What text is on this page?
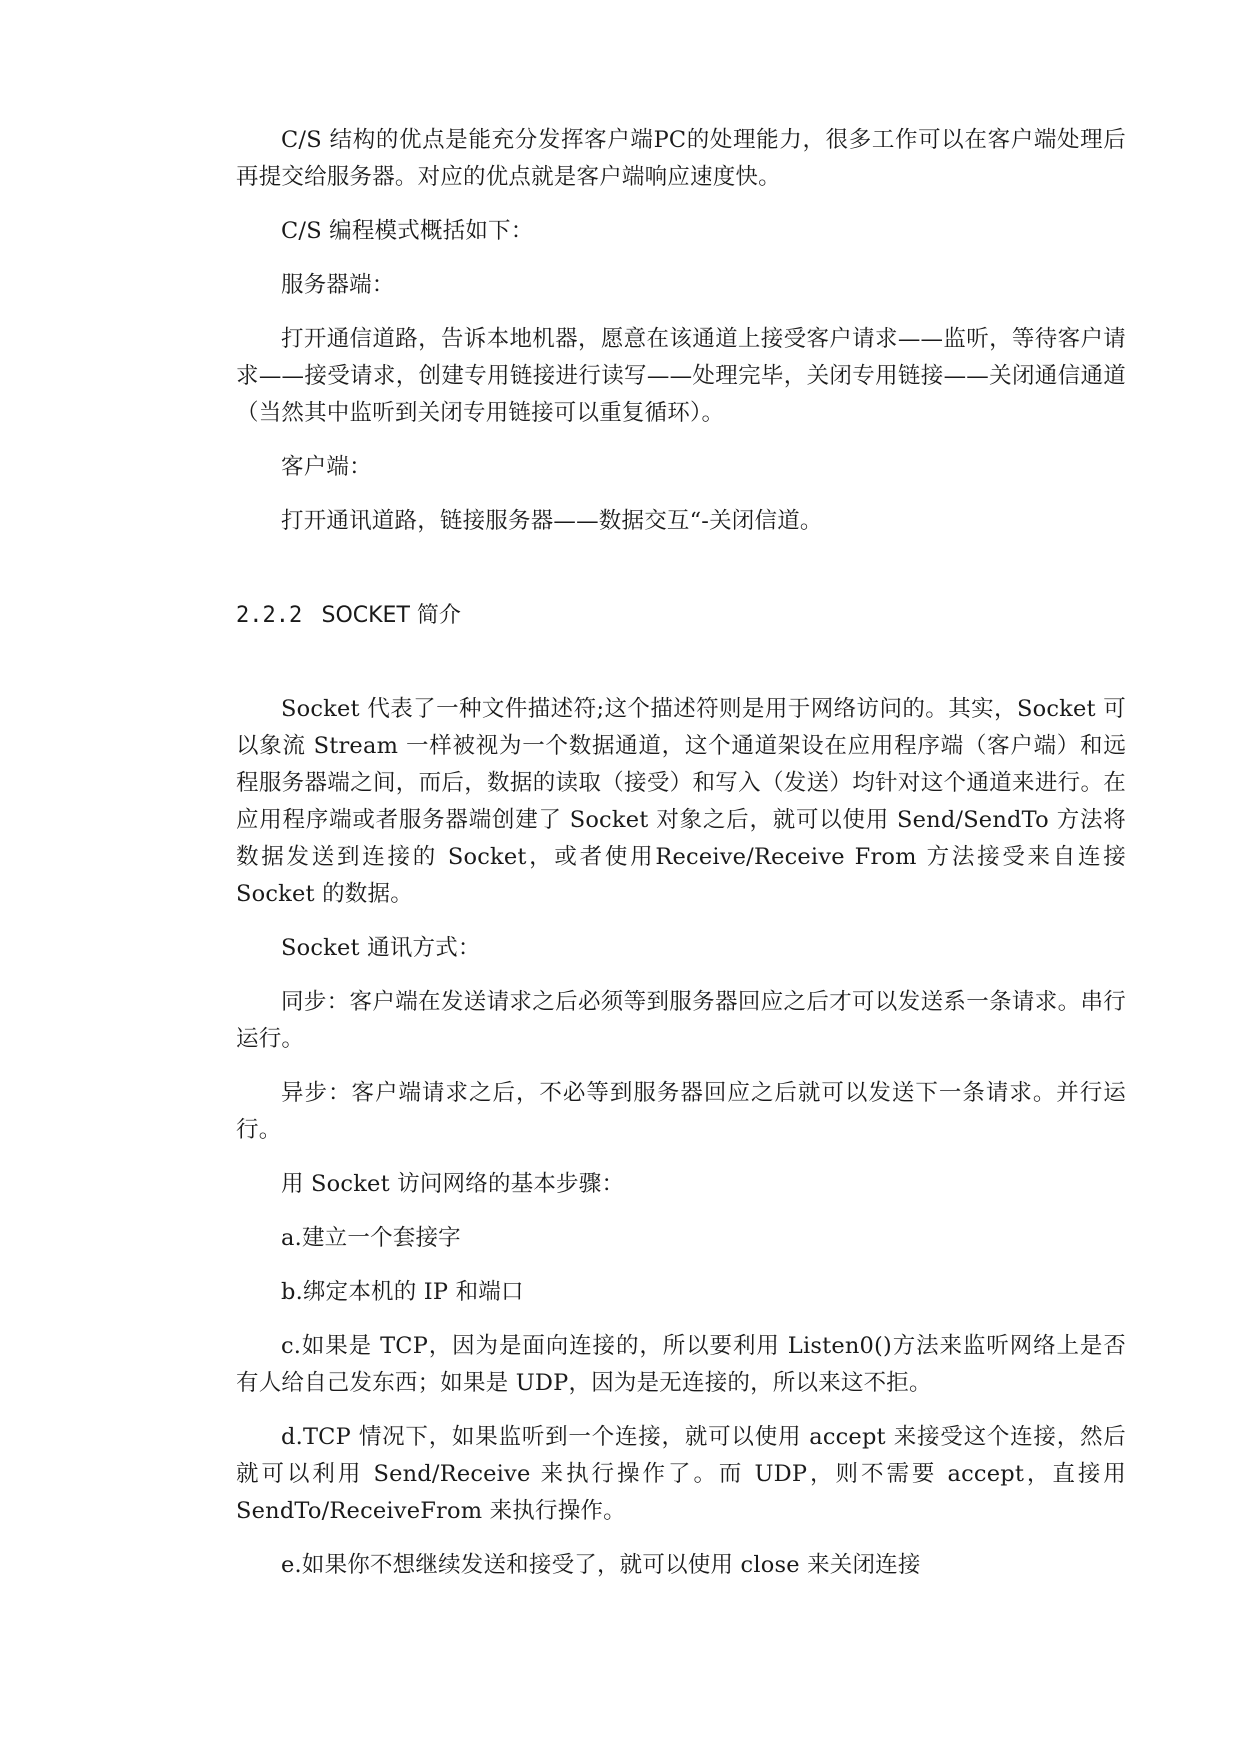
C/S 结构的优点是能充分发挥客户端PC的处理能力，很多工作可以在客户端处理后再提交给服务器。对应的优点就是客户端响应速度快。

C/S 编程模式概括如下：

服务器端：

打开通信道路，告诉本地机器，愿意在该通道上接受客户请求——监听，等待客户请求——接受请求，创建专用链接进行读写——处理完毕，关闭专用链接——关闭通信通道（当然其中监听到关闭专用链接可以重复循环）。

客户端：

打开通讯道路，链接服务器——数据交互“-关闭信道。

2.2.2 SOCKET 简介

Socket 代表了一种文件描述符;这个描述符则是用于网络访问的。其实，Socket 可以象流 Stream 一样被视为一个数据通道，这个通道架设在应用程序端（客户端）和远程服务器端之间，而后，数据的读取（接受）和写入（发送）均针对这个通道来进行。在应用程序端或者服务器端创建了 Socket 对象之后，就可以使用 Send/SendTo 方法将数据发送到连接的 Socket，或者使用Receive/Receive From 方法接受来自连接 Socket 的数据。

Socket 通讯方式：

同步：客户端在发送请求之后必须等到服务器回应之后才可以发送系一条请求。串行运行。

异步：客户端请求之后，不必等到服务器回应之后就可以发送下一条请求。并行运行。

用 Socket 访问网络的基本步骤：

a.建立一个套接字

b.绑定本机的 IP 和端口

c.如果是 TCP，因为是面向连接的，所以要利用 Listen0()方法来监听网络上是否有人给自己发东西；如果是 UDP，因为是无连接的，所以来这不拒。

d.TCP 情况下，如果监听到一个连接，就可以使用 accept 来接受这个连接，然后就可以利用 Send/Receive 来执行操作了。而 UDP，则不需要 accept，直接用SendTo/ReceiveFrom 来执行操作。

e.如果你不想继续发送和接受了，就可以使用 close 来关闭连接
